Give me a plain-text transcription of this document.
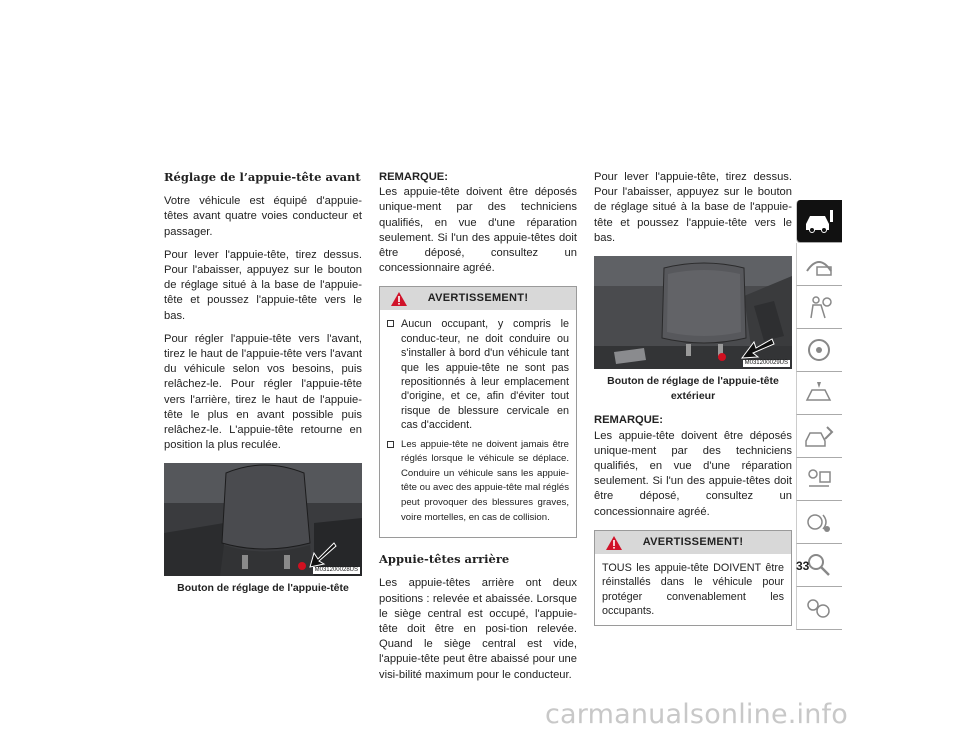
Réglage de l’appuie-tête avant

Votre véhicule est équipé d'appuie-têtes avant quatre voies conducteur et passager.

Pour lever l'appuie-tête, tirez dessus. Pour l'abaisser, appuyez sur le bouton de réglage situé à la base de l'appuie-tête et poussez l'appuie-tête vers le bas.

Pour régler l'appuie-tête vers l'avant, tirez le haut de l'appuie-tête vers l'avant du véhicule selon vos besoins, puis relâchez-le. Pour régler l'appuie-tête vers l'arrière, tirez le haut de l'appuie-tête le plus en avant possible puis relâchez-le. L'appuie-tête retourne en position la plus reculée.

M031200028US
Bouton de réglage de l'appuie-tête
REMARQUE:

Les appuie-tête doivent être déposés unique-ment par des techniciens qualifiés, en vue d'une réparation seulement. Si l'un des appuie-têtes doit être déposé, consultez un concessionnaire agréé.

AVERTISSEMENT!
Aucun occupant, y compris le conduc-teur, ne doit conduire ou s'installer à bord d'un véhicule tant que les appuie-tête ne sont pas repositionnés à leur emplacement d'origine, et ce, afin d'éviter tout risque de blessure cervicale en cas d'accident.
Les appuie-tête ne doivent jamais être réglés lorsque le véhicule se déplace. Conduire un véhicule sans les appuie-tête ou avec des appuie-tête mal réglés peut provoquer des blessures graves, voire mortelles, en cas de collision.
Appuie-têtes arrière

Les appuie-têtes arrière ont deux positions : relevée et abaissée. Lorsque le siège central est occupé, l'appuie-tête doit être en posi-tion relevée. Quand le siège central est vide, l'appuie-tête peut être abaissé pour une visi-bilité maximum pour le conducteur.

Pour lever l'appuie-tête, tirez dessus. Pour l'abaisser, appuyez sur le bouton de réglage situé à la base de l'appuie-tête et poussez l'appuie-tête vers le bas.

M031200029US
Bouton de réglage de l'appuie-tête extérieur
REMARQUE:

Les appuie-tête doivent être déposés unique-ment par des techniciens qualifiés, en vue d'une réparation seulement. Si l'un des appuie-têtes doit être déposé, consultez un concessionnaire agréé.

AVERTISSEMENT!
TOUS les appuie-tête DOIVENT être réinstallés dans le véhicule pour protéger convenablement les occupants.
33
carmanualsonline.info
